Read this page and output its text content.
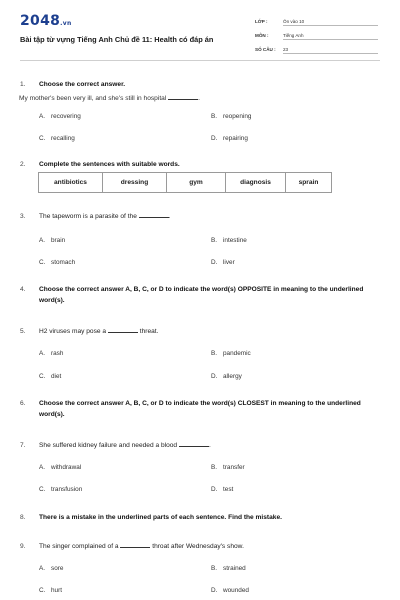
2048.vn
Bài tập từ vựng Tiếng Anh Chủ đề 11: Health có đáp án
LỚP :	Ôn vào 10
MÔN :	Tiếng Anh
SỐ CÂU : 23
1.	Choose the correct answer.
My mother's been very ill, and she's still in hospital	.
A. recovering	B. reopening
C. recalling	D. repairing
2.	Complete the sentences with suitable words.
antibiotics	dressing	gym	diagnosis	sprain
3.	The tapeworm is a parasite of the	.
A. brain	B. intestine
C. stomach	D. liver
4.	Choose the correct answer A, B, C, or D to indicate the word(s) OPPOSITE in meaning to the underlined word(s).
5.	H2 viruses may pose a	threat.
A. rash	B. pandemic
C. diet	D. allergy
6.	Choose the correct answer A, B, C, or D to indicate the word(s) CLOSEST in meaning to the underlined word(s).
7.	She suffered kidney failure and needed a blood	.
A. withdrawal	B. transfer
C. transfusion	D. test
8.	There is a mistake in the underlined parts of each sentence. Find the mistake.
9.	The singer complained of a	throat after Wednesday's show.
A. sore	B. strained
C. hurt	D. wounded
